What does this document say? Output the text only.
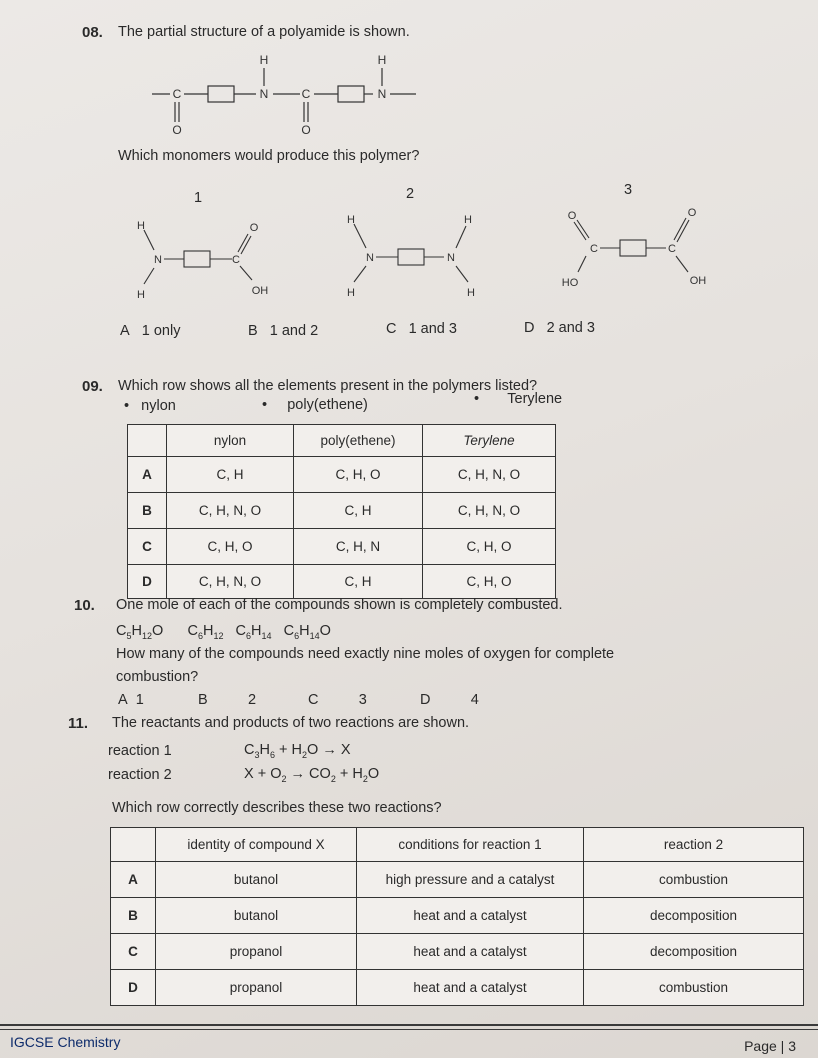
08. The partial structure of a polyamide is shown.
C
O
N
H
C
O
N
H
Which monomers would produce this polymer?
1	2	3
H
N
H
C
O
OH
H
N
H
N
H
H
O
C
HO
C
O
OH
A 1 only	B 1 and 2	C 1 and 3	D 2 and 3
09. Which row shows all the elements present in the polymers listed?
•   nylon	•     poly(ethene)	•       Terylene
	nylon	poly(ethene)	Terylene
A	C, H	C, H, O	C, H, N, O
B	C, H, N, O	C, H	C, H, N, O
C	C, H, O	C, H, N	C, H, O
D	C, H, N, O	C, H	C, H, O
10. One mole of each of the compounds shown is completely combusted.
$C_5H_{12}O$ $C_6H_{12}$ $C_6H_{14}$ $C_6H_{14}O$
How many of the compounds need exactly nine moles of oxygen for complete
combustion?
A 1	B	2	C	3	D	4
11. The reactants and products of two reactions are shown.
reaction 1	$C_3H_6 + H_2O \to X$
reaction 2	$X + O_2 \to CO_2 + H_2O$
Which row correctly describes these two reactions?
	identity of compound X	conditions for reaction 1	reaction 2
A	butanol	high pressure and a catalyst	combustion
B	butanol	heat and a catalyst	decomposition
C	propanol	heat and a catalyst	decomposition
D	propanol	heat and a catalyst	combustion
IGCSE Chemistry	Page | 3
